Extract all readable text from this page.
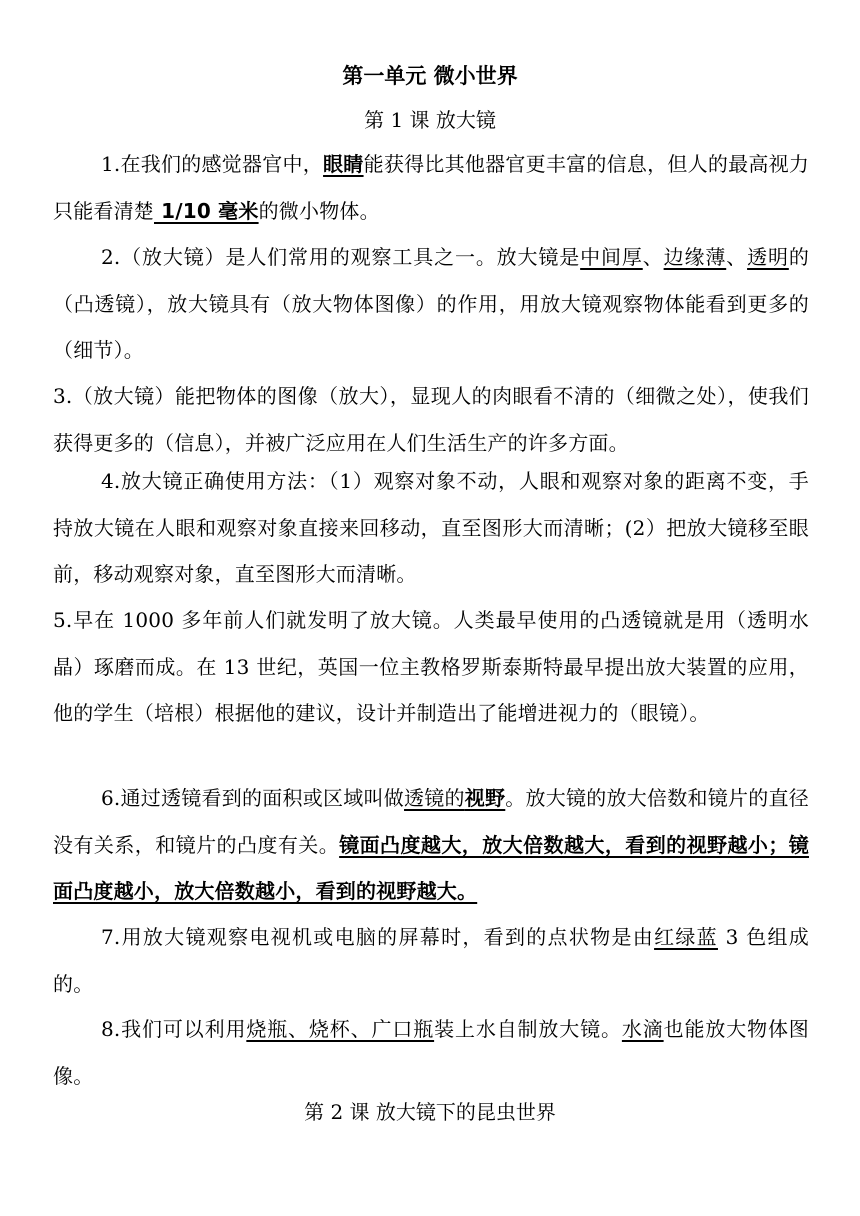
第一单元 微小世界
第 1 课 放大镜
1.在我们的感觉器官中，眼睛能获得比其他器官更丰富的信息，但人的最高视力只能看清楚 1/10 毫米的微小物体。
2.（放大镜）是人们常用的观察工具之一。放大镜是中间厚、边缘薄、透明的（凸透镜），放大镜具有（放大物体图像）的作用，用放大镜观察物体能看到更多的（细节）。
3.（放大镜）能把物体的图像（放大），显现人的肉眼看不清的（细微之处），使我们获得更多的（信息），并被广泛应用在人们生活生产的许多方面。
4.放大镜正确使用方法：（1）观察对象不动，人眼和观察对象的距离不变，手持放大镜在人眼和观察对象直接来回移动，直至图形大而清晰；(2）把放大镜移至眼前，移动观察对象，直至图形大而清晰。
5.早在 1000 多年前人们就发明了放大镜。人类最早使用的凸透镜就是用（透明水晶）琢磨而成。在 13 世纪，英国一位主教格罗斯泰斯特最早提出放大装置的应用，他的学生（培根）根据他的建议，设计并制造出了能增进视力的（眼镜）。
6.通过透镜看到的面积或区域叫做透镜的视野。放大镜的放大倍数和镜片的直径没有关系，和镜片的凸度有关。镜面凸度越大，放大倍数越大，看到的视野越小；镜面凸度越小，放大倍数越小，看到的视野越大。
7.用放大镜观察电视机或电脑的屏幕时，看到的点状物是由红绿蓝 3 色组成的。
8.我们可以利用烧瓶、烧杯、广口瓶装上水自制放大镜。水滴也能放大物体图像。
第 2 课 放大镜下的昆虫世界
